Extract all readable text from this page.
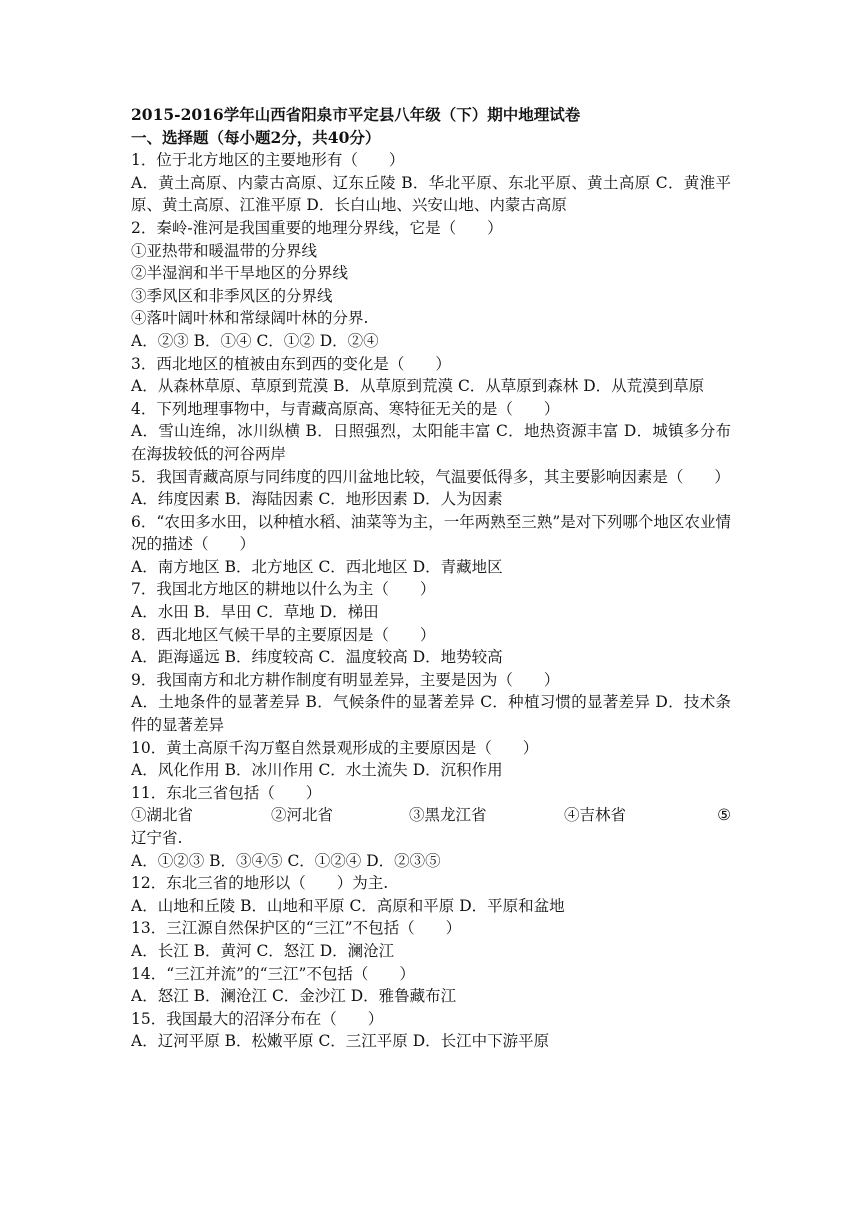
2015-2016学年山西省阳泉市平定县八年级（下）期中地理试卷
一、选择题（每小题2分，共40分）
1．位于北方地区的主要地形有（　　）
A．黄土高原、内蒙古高原、辽东丘陵 B．华北平原、东北平原、黄土高原 C．黄淮平原、黄土高原、江淮平原 D．长白山地、兴安山地、内蒙古高原
2．秦岭-淮河是我国重要的地理分界线，它是（　　）
①亚热带和暖温带的分界线
②半湿润和半干旱地区的分界线
③季风区和非季风区的分界线
④落叶阔叶林和常绿阔叶林的分界.
A．②③ B．①④ C．①② D．②④
3．西北地区的植被由东到西的变化是（　　）
A．从森林草原、草原到荒漠 B．从草原到荒漠 C．从草原到森林 D．从荒漠到草原
4．下列地理事物中，与青藏高原高、寒特征无关的是（　　）
A．雪山连绵，冰川纵横 B．日照强烈，太阳能丰富 C．地热资源丰富 D．城镇多分布在海拔较低的河谷两岸
5．我国青藏高原与同纬度的四川盆地比较，气温要低得多，其主要影响因素是（　　）
A．纬度因素 B．海陆因素 C．地形因素 D．人为因素
6．“农田多水田，以种植水稻、油菜等为主，一年两熟至三熟”是对下列哪个地区农业情况的描述（　　）
A．南方地区 B．北方地区 C．西北地区 D．青藏地区
7．我国北方地区的耕地以什么为主（　　）
A．水田 B．旱田 C．草地 D．梯田
8．西北地区气候干旱的主要原因是（　　）
A．距海遥远 B．纬度较高 C．温度较高 D．地势较高
9．我国南方和北方耕作制度有明显差异，主要是因为（　　）
A．土地条件的显著差异 B．气候条件的显著差异 C．种植习惯的显著差异 D．技术条件的显著差异
10．黄土高原千沟万壑自然景观形成的主要原因是（　　）
A．风化作用 B．冰川作用 C．水土流失 D．沉积作用
11．东北三省包括（　　）
①湖北省	②河北省	③黑龙江省	④吉林省	⑤
辽宁省.
A．①②③ B．③④⑤ C．①②④ D．②③⑤
12．东北三省的地形以（　　）为主.
A．山地和丘陵 B．山地和平原 C．高原和平原 D．平原和盆地
13．三江源自然保护区的“三江”不包括（　　）
A．长江 B．黄河 C．怒江 D．澜沧江
14．“三江并流”的“三江”不包括（　　）
A．怒江 B．澜沧江 C．金沙江 D．雅鲁藏布江
15．我国最大的沼泽分布在（　　）
A．辽河平原 B．松嫩平原 C．三江平原 D．长江中下游平原
